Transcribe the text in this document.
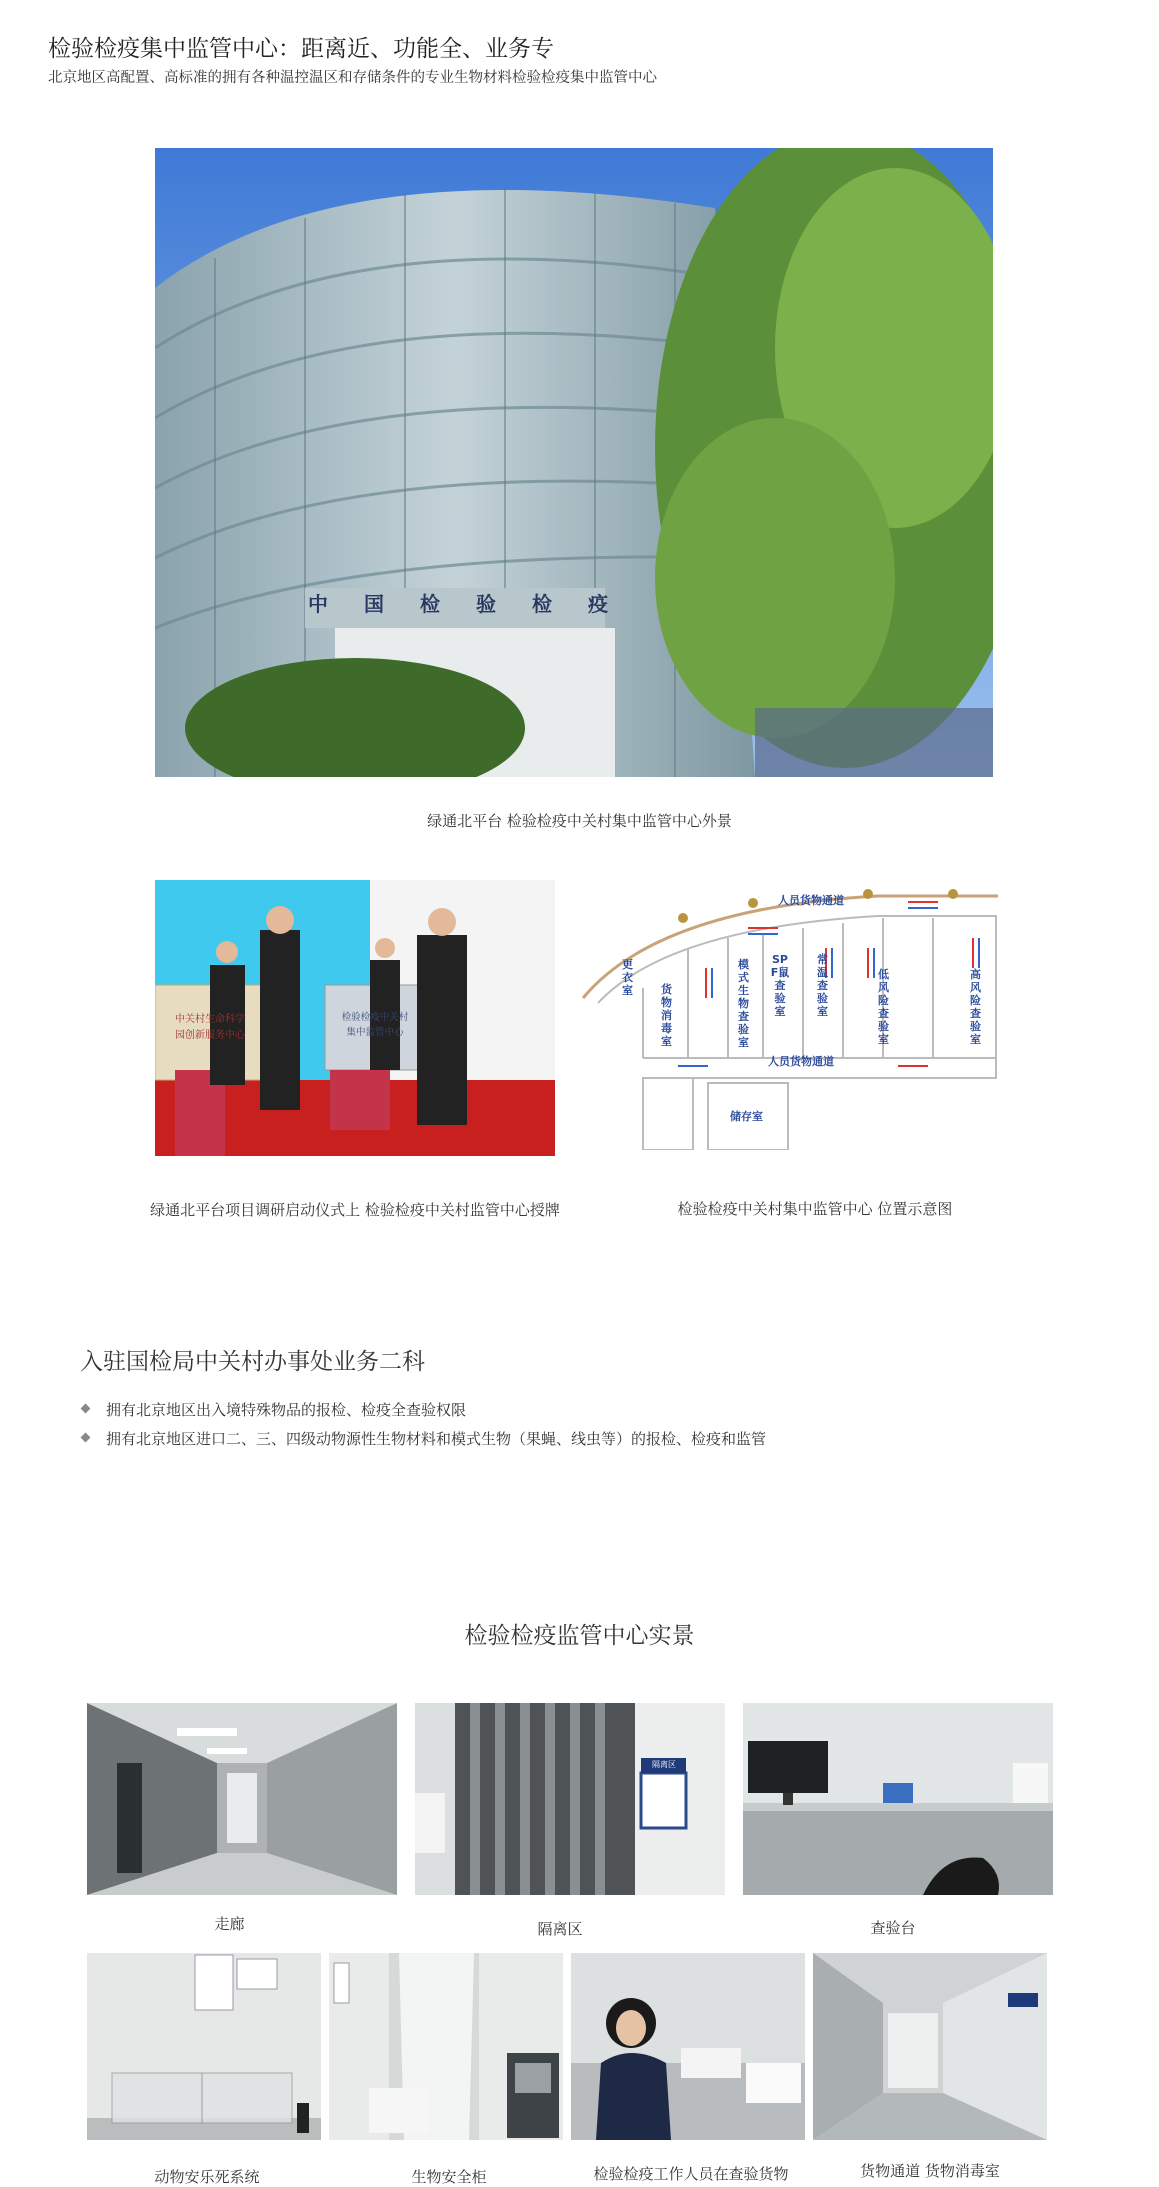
检验检疫集中监管中心：距离近、功能全、业务专
北京地区高配置、高标准的拥有各种温控温区和存储条件的专业生物材料检验检疫集中监管中心
中 国 检 验 检 疫
绿通北平台 检验检疫中关村集中监管中心外景
中关村生命科学
园创新服务中心
检验检疫中关村
集中监管中心
人员货物通道
人员货物通道
储存室
更衣室	货物消毒室
模式生物查验室
SPF鼠查验室
常温查验室
低风险查验室
高风险查验室
绿通北平台项目调研启动仪式上 检验检疫中关村监管中心授牌	检验检疫中关村集中监管中心 位置示意图
入驻国检局中关村办事处业务二科
拥有北京地区出入境特殊物品的报检、检疫全查验权限
拥有北京地区进口二、三、四级动物源性生物材料和模式生物（果蝇、线虫等）的报检、检疫和监管
检验检疫监管中心实景
隔离区
走廊	隔离区	查验台
动物安乐死系统	生物安全柜	检验检疫工作人员在查验货物	货物通道 货物消毒室
